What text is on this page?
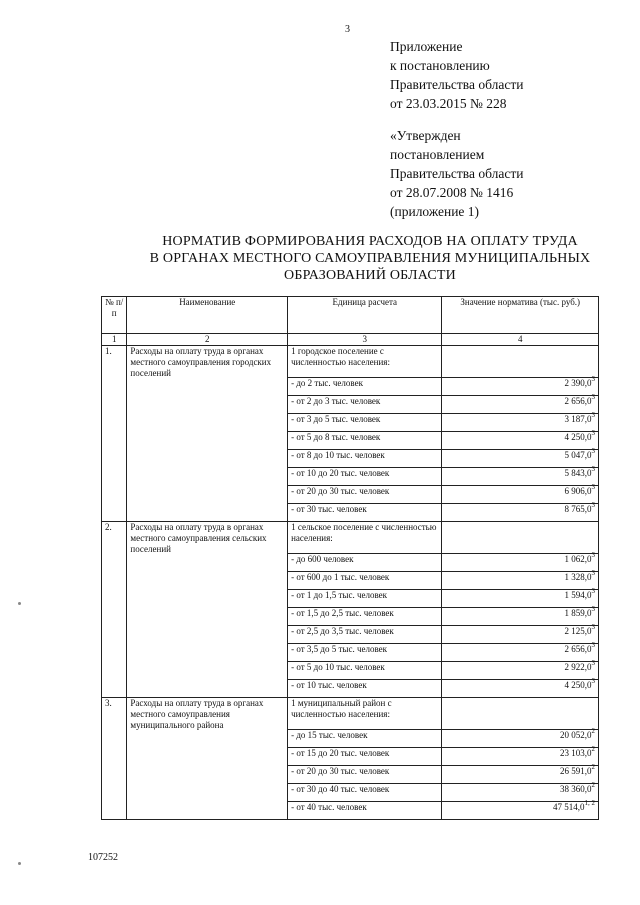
3
Приложение
к постановлению
Правительства области
от 23.03.2015 № 228
«Утвержден
постановлением
Правительства области
от 28.07.2008 № 1416
(приложение 1)
НОРМАТИВ ФОРМИРОВАНИЯ РАСХОДОВ НА ОПЛАТУ ТРУДА
В ОРГАНАХ МЕСТНОГО САМОУПРАВЛЕНИЯ МУНИЦИПАЛЬНЫХ
ОБРАЗОВАНИЙ ОБЛАСТИ
№ п/п	Наименование	Единица расчета	Значение норматива (тыс. руб.)
1	2	3	4
1.	Расходы на оплату труда в органах местного самоуправления городских поселений	1 городское поселение с численностью населения:	
		- до 2 тыс. человек	2 390,0$^3$
		- от 2 до 3 тыс. человек	2 656,0$^3$
		- от 3 до 5 тыс. человек	3 187,0$^3$
		- от 5 до 8 тыс. человек	4 250,0$^3$
		- от 8 до 10 тыс. человек	5 047,0$^3$
		- от 10 до 20 тыс. человек	5 843,0$^3$
		- от 20 до 30 тыс. человек	6 906,0$^3$
		- от 30 тыс. человек	8 765,0$^3$
2.	Расходы на оплату труда в органах местного самоуправления сельских поселений	1 сельское поселение с численностью населения:	
		- до 600 человек	1 062,0$^3$
		- от 600 до 1 тыс. человек	1 328,0$^3$
		- от 1 до 1,5 тыс. человек	1 594,0$^3$
		- от 1,5 до 2,5 тыс. человек	1 859,0$^3$
		- от 2,5 до 3,5 тыс. человек	2 125,0$^3$
		- от 3,5 до 5 тыс. человек	2 656,0$^3$
		- от 5 до 10 тыс. человек	2 922,0$^3$
		- от 10 тыс. человек	4 250,0$^3$
3.	Расходы на оплату труда в органах местного самоуправления муниципального района	1 муниципальный район с численностью населения:	
		- до 15 тыс. человек	20 052,0$^2$
		- от 15 до 20 тыс. человек	23 103,0$^2$
		- от 20 до 30 тыс. человек	26 591,0$^2$
		- от 30 до 40 тыс. человек	38 360,0$^2$
		- от 40 тыс. человек	47 514,0$^{1, 2}$
107252
